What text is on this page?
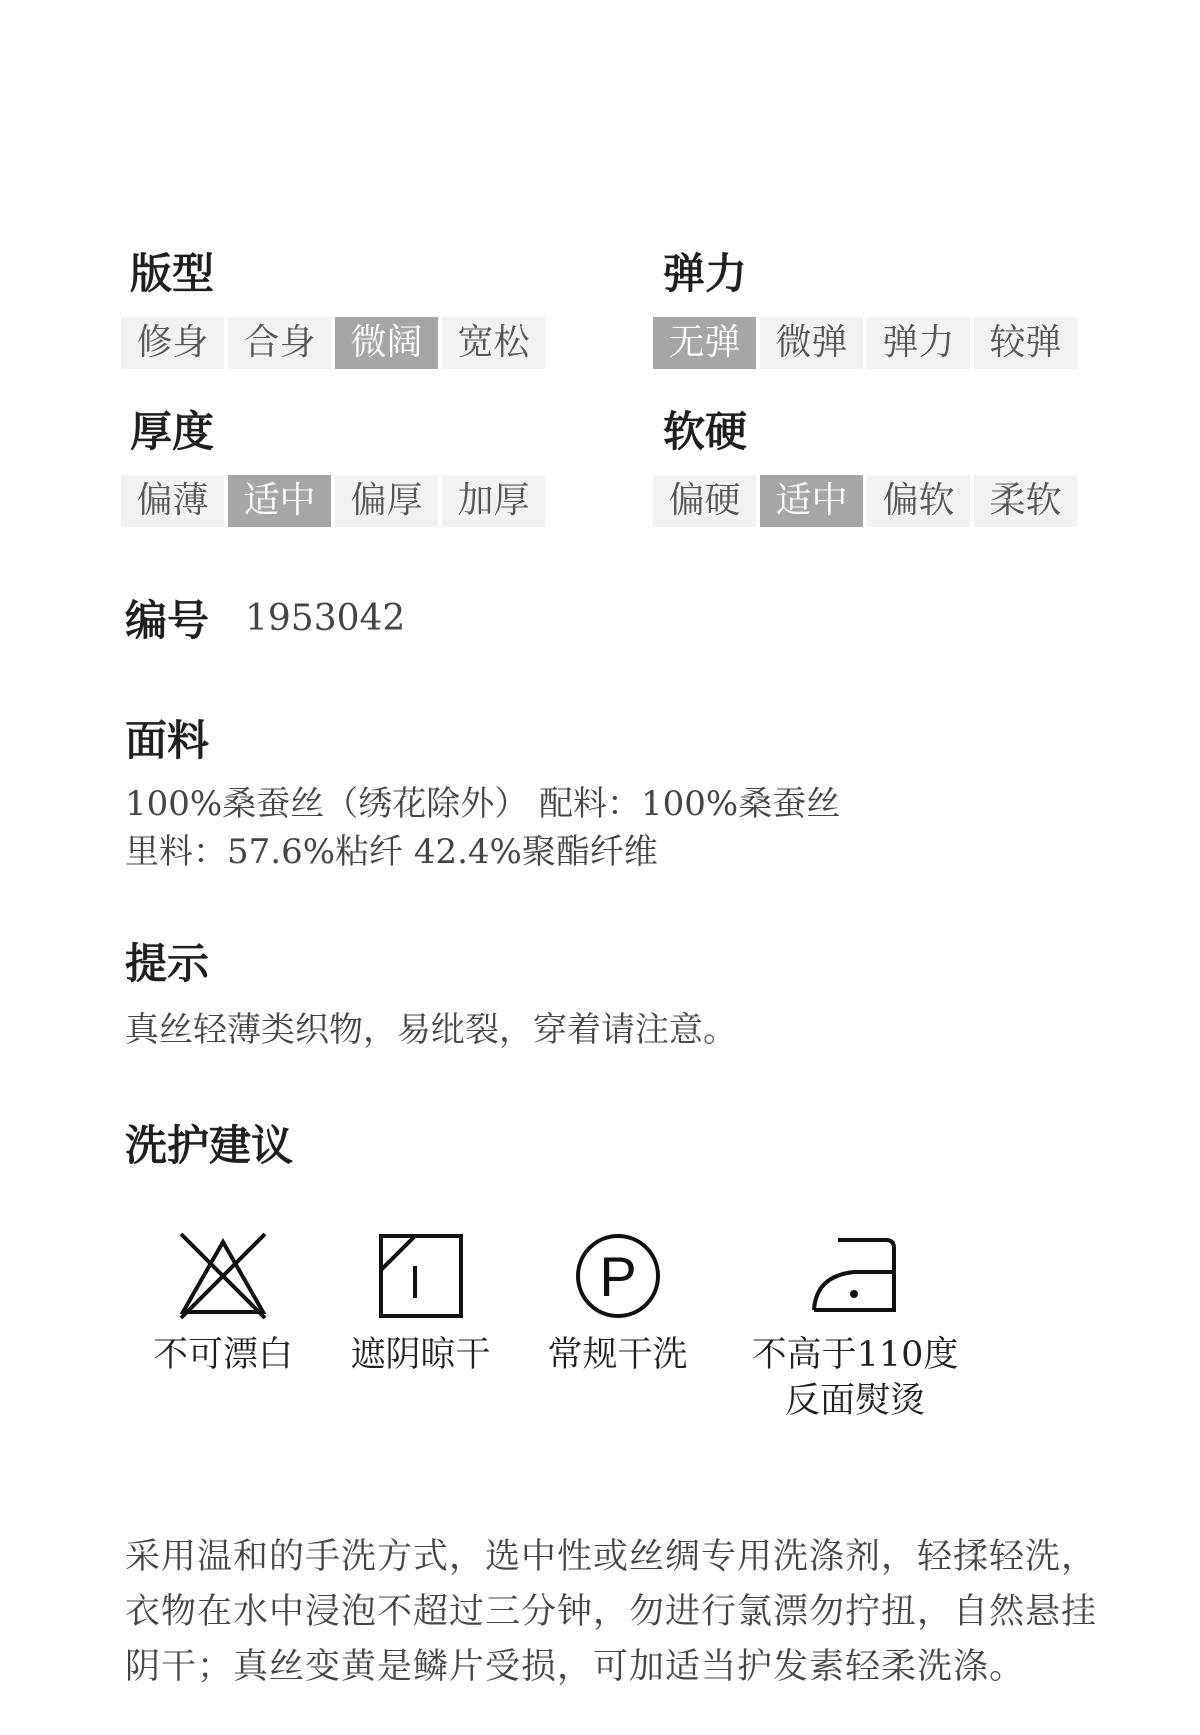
版型
修身 合身 微阔 宽松
弹力
无弹 微弹 弹力 较弹
厚度
偏薄 适中 偏厚 加厚
软硬
偏硬 适中 偏软 柔软
编号 1953042
面料

100%桑蚕丝（绣花除外） 配料：100%桑蚕丝

里料：57.6%粘纤 42.4%聚酯纤维

提示

真丝轻薄类织物，易纰裂，穿着请注意。

洗护建议
不可漂白 遮阴晾干
P
常规干洗 不高于110度
反面熨烫

采用温和的手洗方式，选中性或丝绸专用洗涤剂，轻揉轻洗，衣物在水中浸泡不超过三分钟，勿进行氯漂勿拧扭，自然悬挂阴干；真丝变黄是鳞片受损，可加适当护发素轻柔洗涤。
